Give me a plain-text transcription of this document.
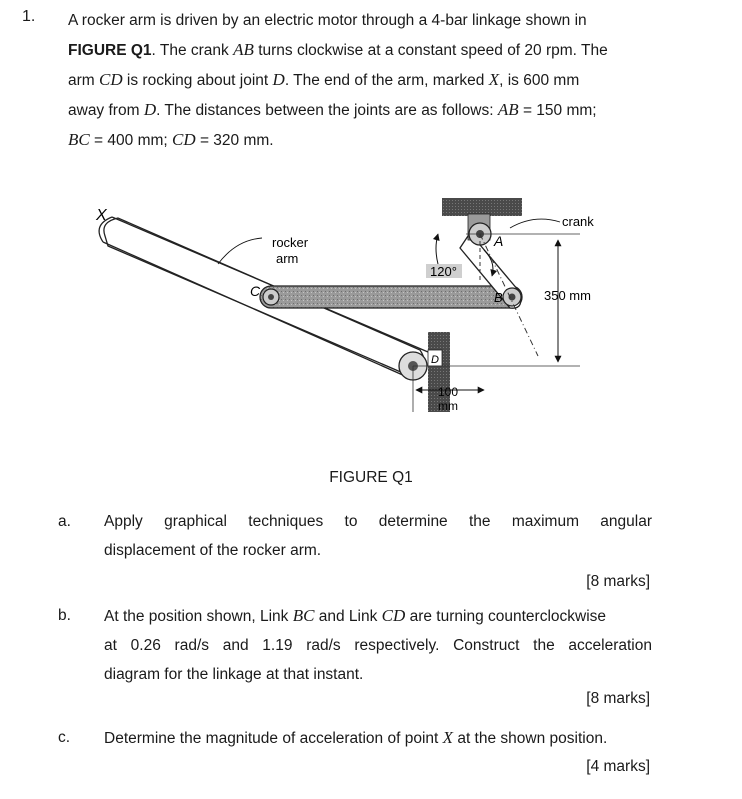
1. A rocker arm is driven by an electric motor through a 4-bar linkage shown in
FIGURE Q1. The crank AB turns clockwise at a constant speed of 20 rpm. The
arm CD is rocking about joint D. The end of the arm, marked X, is 600 mm
away from D. The distances between the joints are as follows: AB = 150 mm;
BC = 400 mm; CD = 320 mm.
X
rocker
arm
C
A
B
D
crank
120°
350 mm
100
mm
FIGURE Q1
a. Apply graphical techniques to determine the maximum angular
displacement of the rocker arm.
[8 marks]
b. At the position shown, Link BC and Link CD are turning counterclockwise
at 0.26 rad/s and 1.19 rad/s respectively. Construct the acceleration
diagram for the linkage at that instant.
[8 marks]
c. Determine the magnitude of acceleration of point X at the shown position.
[4 marks]
